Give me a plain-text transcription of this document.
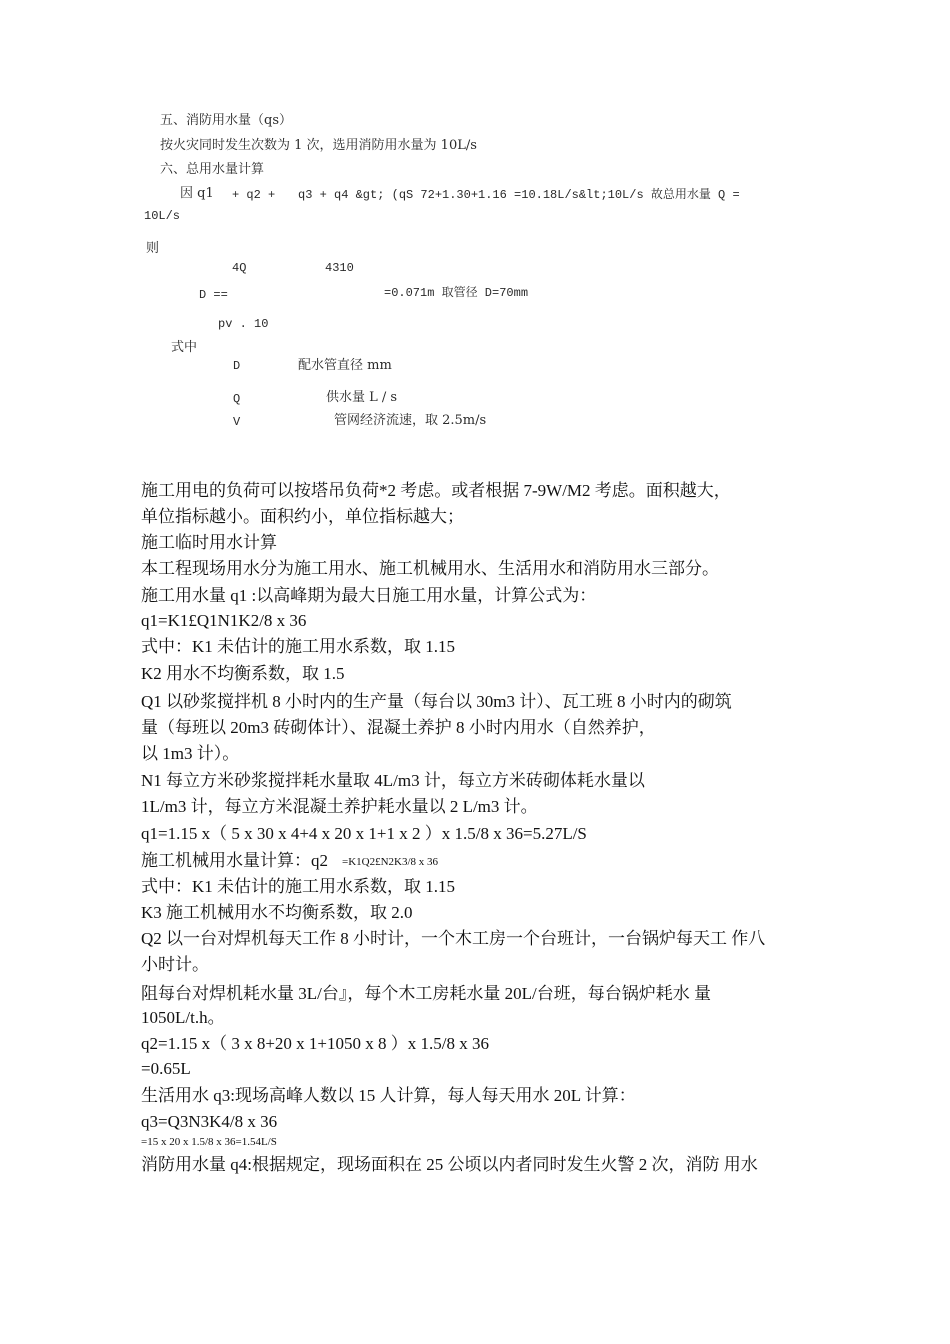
五、消防用水量（qs）
按火灾同时发生次数为 1 次，选用消防用水量为 10L/s
六、总用水量计算
因 q1 + q2 + q3 + q4 &gt; (qS 72+1.30+1.16 =10.18L/s&lt;10L/s 故总用水量 Q =
10L/s
则
4Q	4310
D ==	=0.071m 取管径 D=70mm
pv . 10
式中
D	配水管直径 mm
Q	供水量 L / s
V	管网经济流速，取 2.5m/s
施工用电的负荷可以按塔吊负荷*2 考虑。或者根据 7-9W/M2 考虑。面积越大，
单位指标越小。面积约小，单位指标越大；
施工临时用水计算
本工程现场用水分为施工用水、施工机械用水、生活用水和消防用水三部分。
施工用水量 q1 :以高峰期为最大日施工用水量，计算公式为：
q1=K1£Q1N1K2/8 x 36
式中：K1 未估计的施工用水系数，取 1.15
K2 用水不均衡系数，取 1.5
Q1 以砂浆搅拌机 8 小时内的生产量（每台以 30m3 计）、瓦工班 8 小时内的砌筑
量（每班以 20m3 砖砌体计）、混凝土养护 8 小时内用水（自然养护，
以 1m3 计）。
N1 每立方米砂浆搅拌耗水量取 4L/m3 计，每立方米砖砌体耗水量以
1L/m3 计，每立方米混凝土养护耗水量以 2 L/m3 计。
q1=1.15 x（ 5 x 30 x 4+4 x 20 x 1+1 x 2 ）x 1.5/8 x 36=5.27L/S
施工机械用水量计算：q2 =K1Q2£N2K3/8 x 36
式中：K1 未估计的施工用水系数，取 1.15
K3 施工机械用水不均衡系数，取 2.0
Q2 以一台对焊机每天工作 8 小时计，一个木工房一个台班计，一台锅炉每天工 作八
小时计。
阻每台对焊机耗水量 3L/台』，每个木工房耗水量 20L/台班，每台锅炉耗水 量
1050L/t.h。
q2=1.15 x（ 3 x 8+20 x 1+1050 x 8 ）x 1.5/8 x 36
=0.65L
生活用水 q3:现场高峰人数以 15 人计算，每人每天用水 20L 计算：
q3=Q3N3K4/8 x 36
=15 x 20 x 1.5/8 x 36=1.54L/S
消防用水量 q4:根据规定，现场面积在 25 公顷以内者同时发生火警 2 次，消防 用水
